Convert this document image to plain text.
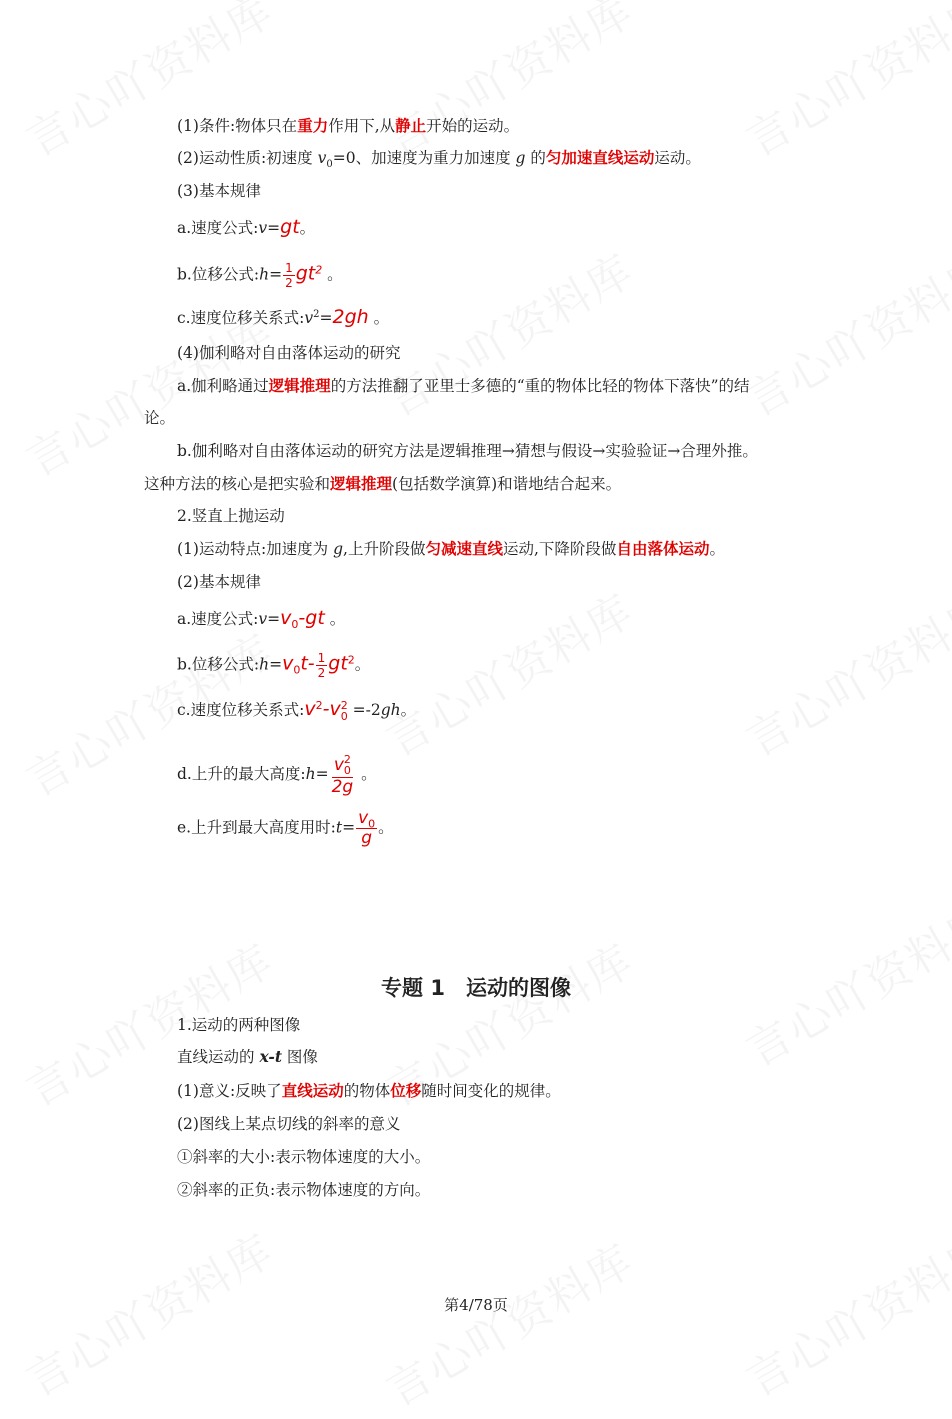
(1)条件:物体只在重力作用下,从静止开始的运动。
(2)运动性质:初速度 $v_0=0$、加速度为重力加速度 g 的匀加速直线运动运动。
(3)基本规律
a.速度公式:v=gt。
b.位移公式:h= $\frac{1}{2} gt^2$ 。
c.速度位移关系式$:v^2=2gh$ 。
(4)伽利略对自由落体运动的研究
a.伽利略通过逻辑推理的方法推翻了亚里士多德的“重的物体比轻的物体下落快”的结
论。
b.伽利略对自由落体运动的研究方法是逻辑推理→猜想与假设→实验验证→合理外推。
这种方法的核心是把实验和逻辑推理(包括数学演算)和谐地结合起来。
2.竖直上抛运动
(1)运动特点:加速度为 g,上升阶段做匀减速直线运动,下降阶段做自由落体运动。
(2)基本规律
a.速度公式$:v=v_0-gt$ 。
b.位移公式$:h=v_0t- \frac{1}{2} gt^2$。
c.速度位移关系式$:v^2-v$ 2
0 =-2gh。
d.上升的最大高度:h= v 2
0
2g 。
e.上升到最大高度用时:t= $\frac{v_0}{g}$ 。
专题 1　运动的图像
1.运动的两种图像
直线运动的 x-t 图像
(1)意义:反映了直线运动的物体位移随时间变化的规律。
(2)图线上某点切线的斜率的意义
①斜率的大小:表示物体速度的大小。
②斜率的正负:表示物体速度的方向。
第4/78页
